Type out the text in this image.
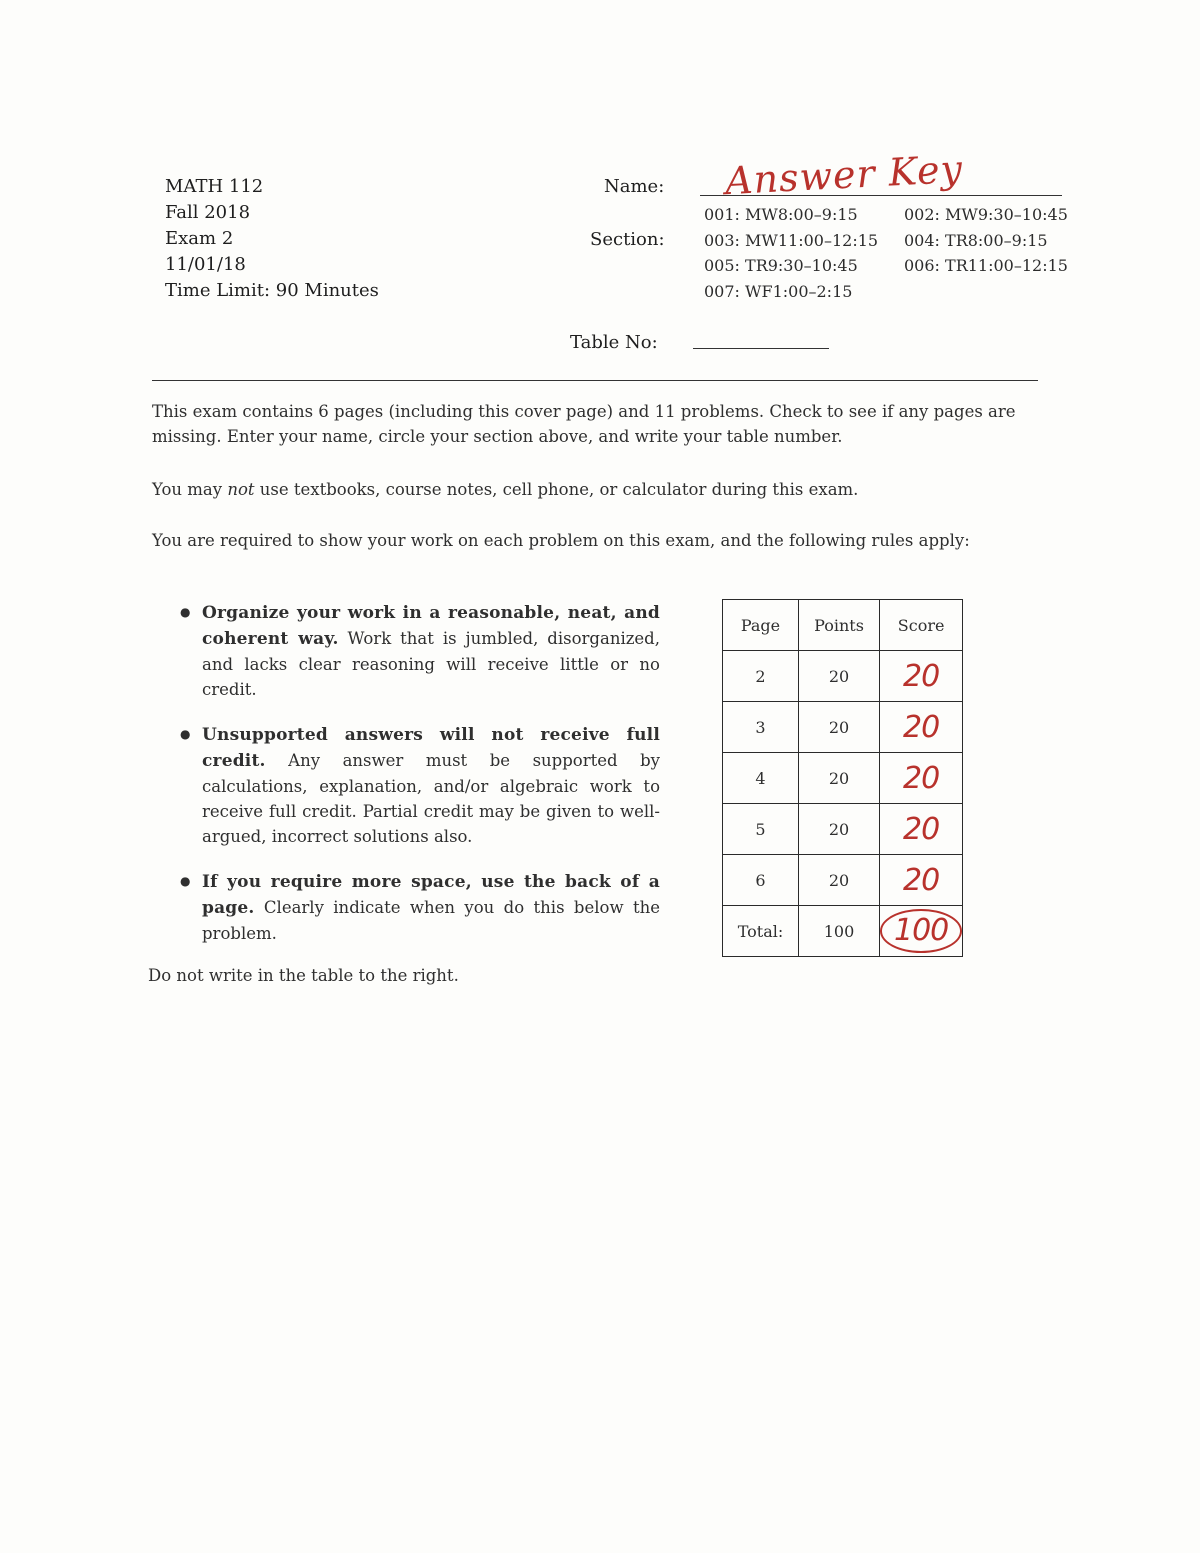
MATH 112
Fall 2018
Exam 2
11/01/18
Time Limit: 90 Minutes
Name: Answer Key
Section:
001: MW8:00–9:15	002: MW9:30–10:45
003: MW11:00–12:15	004: TR8:00–9:15
005: TR9:30–10:45	006: TR11:00–12:15
007: WF1:00–2:15
Table No:
This exam contains 6 pages (including this cover page) and 11 problems. Check to see if any pages are missing. Enter your name, circle your section above, and write your table number.
You may not use textbooks, course notes, cell phone, or calculator during this exam.
You are required to show your work on each problem on this exam, and the following rules apply:
● Organize your work in a reasonable, neat, and coherent way. Work that is jumbled, disorganized, and lacks clear reasoning will receive little or no credit.
● Unsupported answers will not receive full credit. Any answer must be supported by calculations, explanation, and/or algebraic work to receive full credit. Partial credit may be given to well-argued, incorrect solutions also.
● If you require more space, use the back of a page. Clearly indicate when you do this below the problem.
Do not write in the table to the right.
Page	Points	Score
2	20	20
3	20	20
4	20	20
5	20	20
6	20	20
Total:	100	100
